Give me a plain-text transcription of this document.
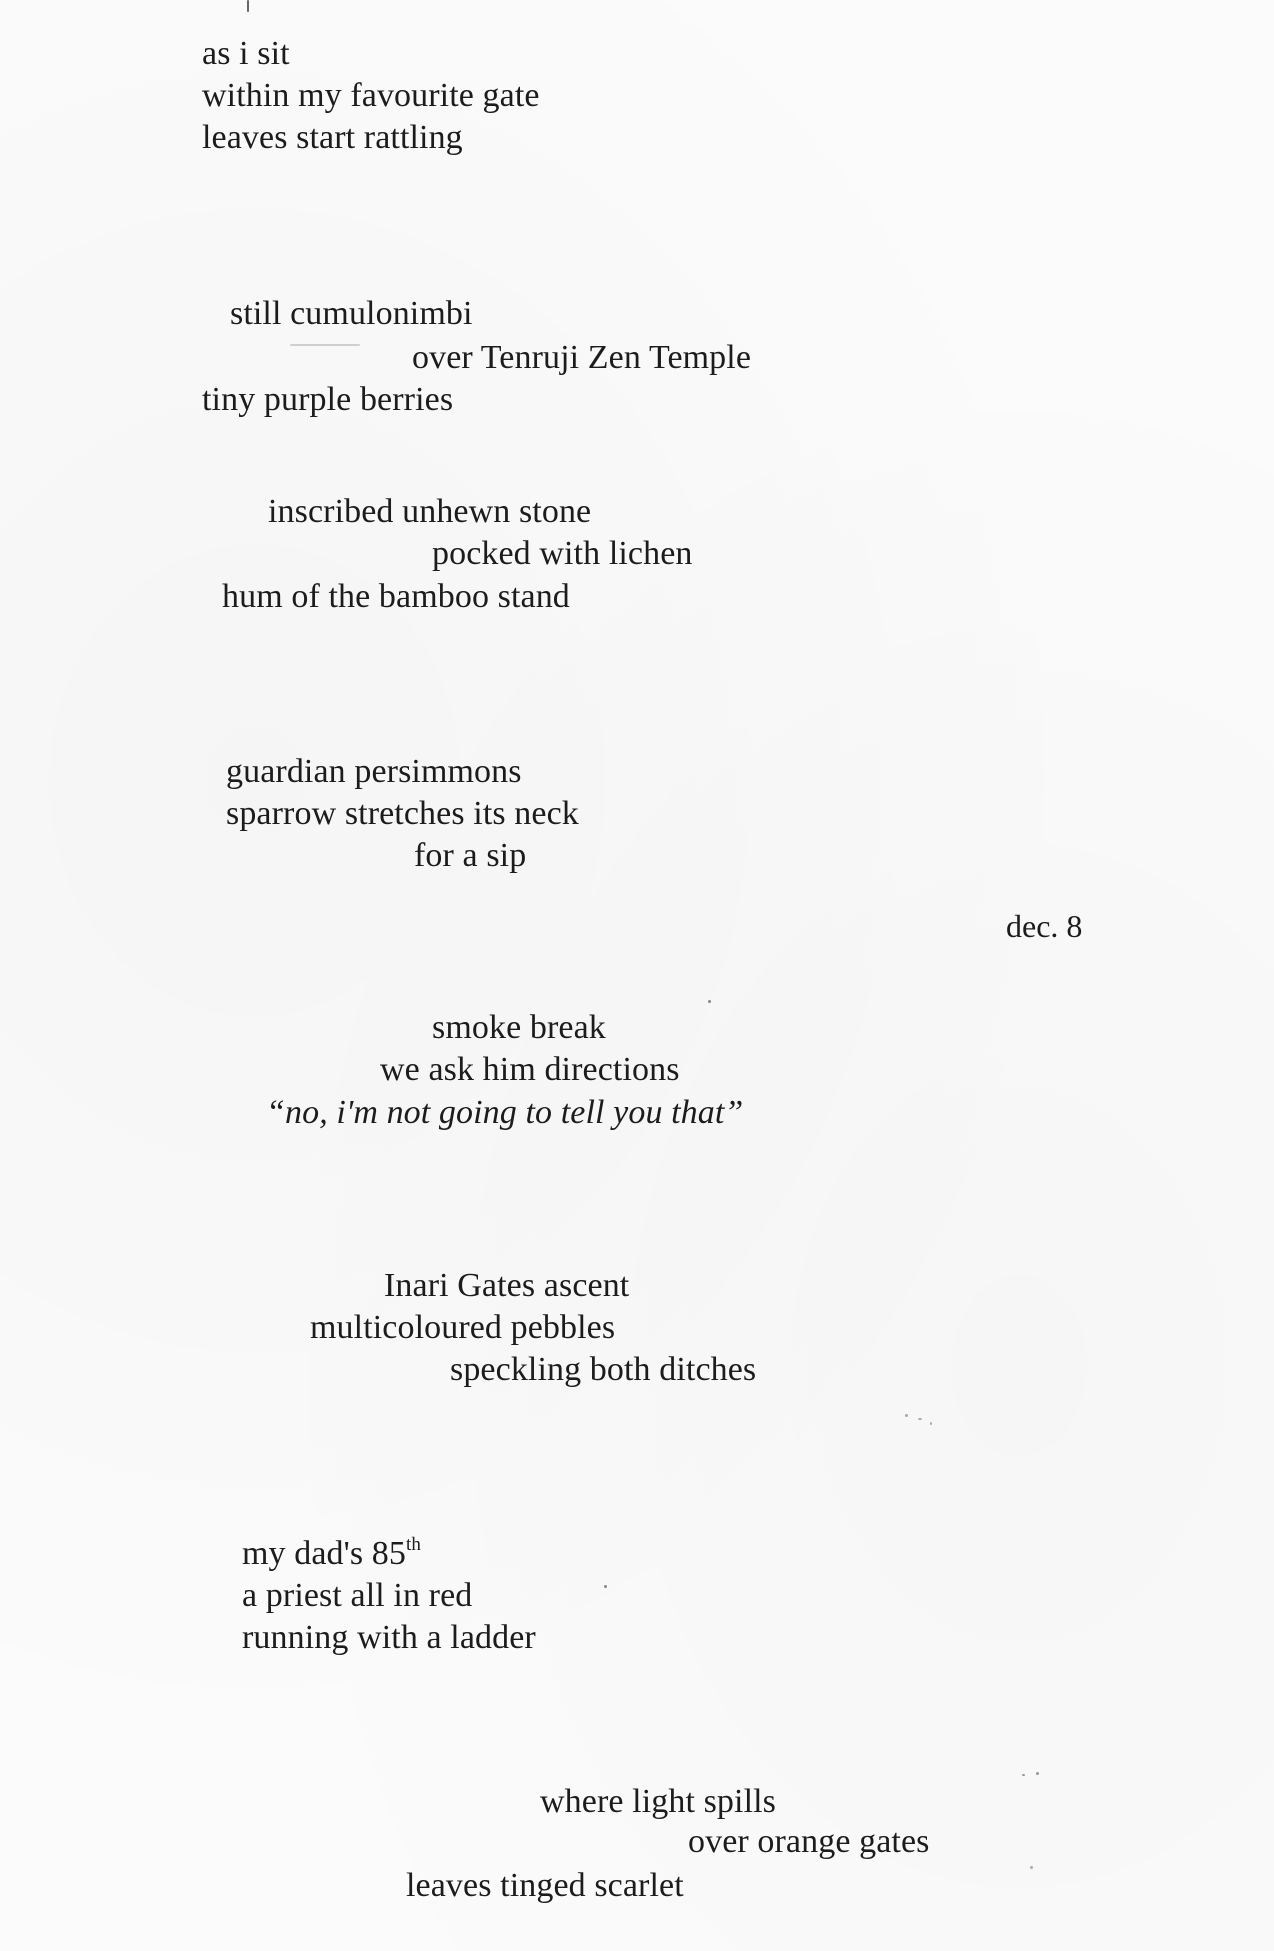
as i sit
within my favourite gate
leaves start rattling
still cumulonimbi
over Tenruji Zen Temple
tiny purple berries
inscribed unhewn stone
pocked with lichen
hum of the bamboo stand
guardian persimmons
sparrow stretches its neck
for a sip
dec. 8
smoke break
we ask him directions
“no, i'm not going to tell you that”
Inari Gates ascent
multicoloured pebbles
speckling both ditches
my dad's 85th
a priest all in red
running with a ladder
where light spills
over orange gates
leaves tinged scarlet
